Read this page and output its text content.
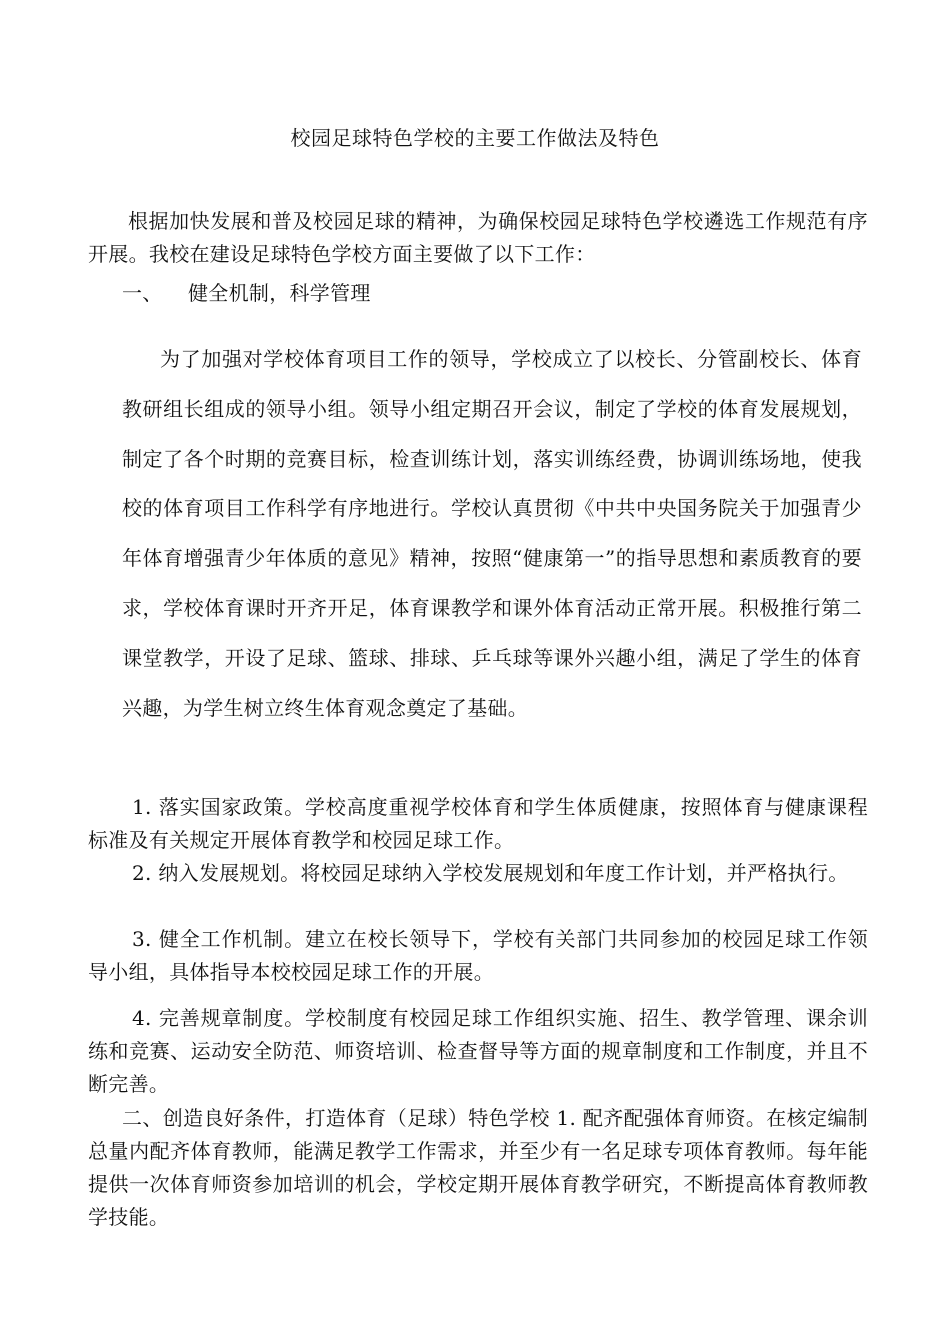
校园足球特色学校的主要工作做法及特色

根据加快发展和普及校园足球的精神，为确保校园足球特色学校遴选工作规范有序开展。我校在建设足球特色学校方面主要做了以下工作：

一、 健全机制，科学管理

为了加强对学校体育项目工作的领导，学校成立了以校长、分管副校长、体育教研组长组成的领导小组。领导小组定期召开会议，制定了学校的体育发展规划，制定了各个时期的竞赛目标，检查训练计划，落实训练经费，协调训练场地，使我校的体育项目工作科学有序地进行。学校认真贯彻《中共中央国务院关于加强青少年体育增强青少年体质的意见》精神，按照“健康第一”的指导思想和素质教育的要求，学校体育课时开齐开足，体育课教学和课外体育活动正常开展。积极推行第二课堂教学，开设了足球、篮球、排球、乒乓球等课外兴趣小组，满足了学生的体育兴趣，为学生树立终生体育观念奠定了基础。

1. 落实国家政策。学校高度重视学校体育和学生体质健康，按照体育与健康课程标准及有关规定开展体育教学和校园足球工作。

2. 纳入发展规划。将校园足球纳入学校发展规划和年度工作计划，并严格执行。

3. 健全工作机制。建立在校长领导下，学校有关部门共同参加的校园足球工作领导小组，具体指导本校校园足球工作的开展。

4. 完善规章制度。学校制度有校园足球工作组织实施、招生、教学管理、课余训练和竞赛、运动安全防范、师资培训、检查督导等方面的规章制度和工作制度，并且不断完善。

二、创造良好条件，打造体育（足球）特色学校 1. 配齐配强体育师资。在核定编制总量内配齐体育教师，能满足教学工作需求，并至少有一名足球专项体育教师。每年能提供一次体育师资参加培训的机会，学校定期开展体育教学研究，不断提高体育教师教学技能。
